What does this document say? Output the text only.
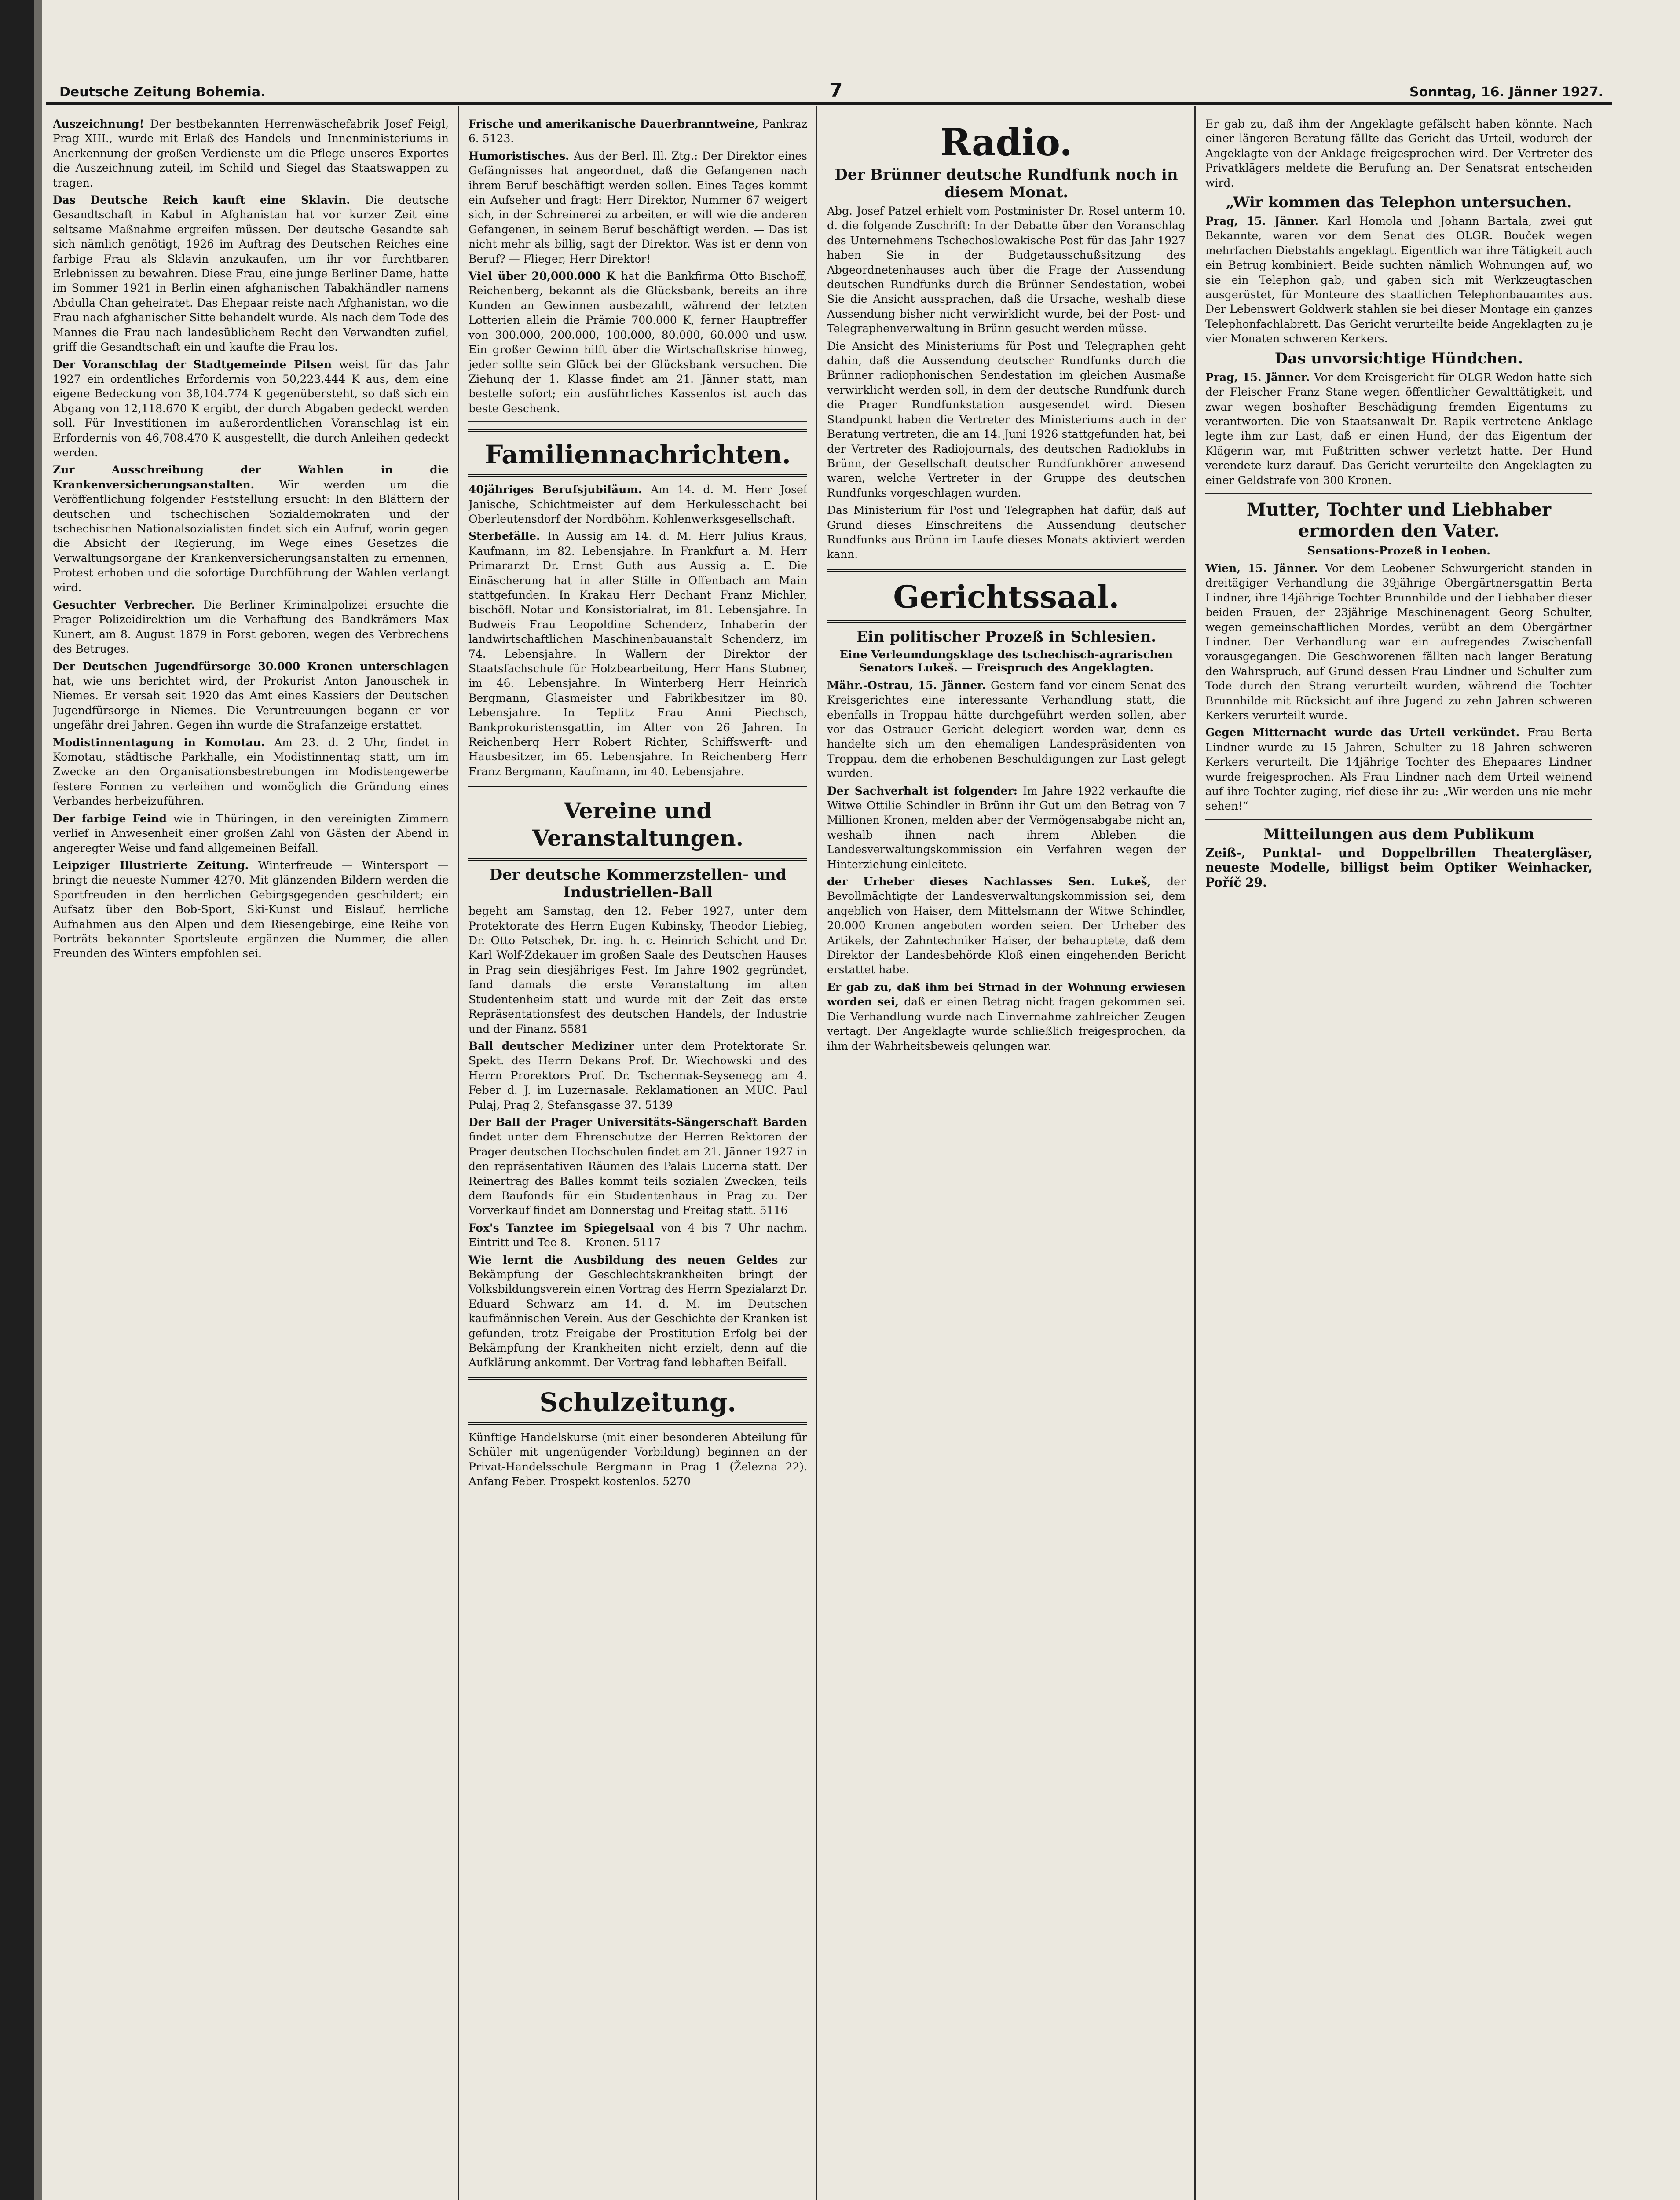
Deutsche Zeitung Bohemia.	7	Sonntag, 16. Jänner 1927.

Auszeichnung! Der bestbekannten Herrenwäschefabrik Josef Feigl, Prag XIII., wurde mit Erlaß des Handels- und Innenministeriums in Anerkennung der großen Verdienste um die Pflege unseres Exportes die Auszeichnung zuteil, im Schild und Siegel das Staatswappen zu tragen.

Das Deutsche Reich kauft eine Sklavin. Die deutsche Gesandtschaft in Kabul in Afghanistan hat vor kurzer Zeit eine seltsame Maßnahme ergreifen müssen. Der deutsche Gesandte sah sich nämlich genötigt, 1926 im Auftrag des Deutschen Reiches eine farbige Frau als Sklavin anzukaufen, um ihr vor furchtbaren Erlebnissen zu bewahren. Diese Frau, eine junge Berliner Dame, hatte im Sommer 1921 in Berlin einen afghanischen Tabakhändler namens Abdulla Chan geheiratet. Das Ehepaar reiste nach Afghanistan, wo die Frau nach afghanischer Sitte behandelt wurde. Als nach dem Tode des Mannes die Frau nach landesüblichem Recht den Verwandten zufiel, griff die Gesandtschaft ein und kaufte die Frau los.

Der Voranschlag der Stadtgemeinde Pilsen weist für das Jahr 1927 ein ordentliches Erfordernis von 50,223.444 K aus, dem eine eigene Bedeckung von 38,104.774 K gegenübersteht, so daß sich ein Abgang von 12,118.670 K ergibt, der durch Abgaben gedeckt werden soll. Für Investitionen im außerordentlichen Voranschlag ist ein Erfordernis von 46,708.470 K ausgestellt, die durch Anleihen gedeckt werden.

Zur Ausschreibung der Wahlen in die Krankenversicherungsanstalten. Wir werden um die Veröffentlichung folgender Feststellung ersucht: In den Blättern der deutschen und tschechischen Sozialdemokraten und der tschechischen Nationalsozialisten findet sich ein Aufruf, worin gegen die Absicht der Regierung, im Wege eines Gesetzes die Verwaltungsorgane der Krankenversicherungsanstalten zu ernennen, Protest erhoben und die sofortige Durchführung der Wahlen verlangt wird.

Gesuchter Verbrecher. Die Berliner Kriminalpolizei ersuchte die Prager Polizeidirektion um die Verhaftung des Bandkrämers Max Kunert, am 8. August 1879 in Forst geboren, wegen des Verbrechens des Betruges.

Der Deutschen Jugendfürsorge 30.000 Kronen unterschlagen hat, wie uns berichtet wird, der Prokurist Anton Janouschek in Niemes. Er versah seit 1920 das Amt eines Kassiers der Deutschen Jugendfürsorge in Niemes. Die Veruntreuungen begann er vor ungefähr drei Jahren. Gegen ihn wurde die Strafanzeige erstattet.

Modistinnentagung in Komotau. Am 23. d. 2 Uhr, findet in Komotau, städtische Parkhalle, ein Modistinnentag statt, um im Zwecke an den Organisationsbestrebungen im Modistengewerbe festere Formen zu verleihen und womöglich die Gründung eines Verbandes herbeizuführen.

Der farbige Feind wie in Thüringen, in den vereinigten Zimmern verlief in Anwesenheit einer großen Zahl von Gästen der Abend in angeregter Weise und fand allgemeinen Beifall.

Leipziger Illustrierte Zeitung. Winterfreude — Wintersport — bringt die neueste Nummer 4270. Mit glänzenden Bildern werden die Sportfreuden in den herrlichen Gebirgsgegenden geschildert; ein Aufsatz über den Bob-Sport, Ski-Kunst und Eislauf, herrliche Aufnahmen aus den Alpen und dem Riesengebirge, eine Reihe von Porträts bekannter Sportsleute ergänzen die Nummer, die allen Freunden des Winters empfohlen sei.

Frische und amerikanische Dauerbranntweine, Pankraz 6. 5123.

Humoristisches. Aus der Berl. Ill. Ztg.: Der Direktor eines Gefängnisses hat angeordnet, daß die Gefangenen nach ihrem Beruf beschäftigt werden sollen. Eines Tages kommt ein Aufseher und fragt: Herr Direktor, Nummer 67 weigert sich, in der Schreinerei zu arbeiten, er will wie die anderen Gefangenen, in seinem Beruf beschäftigt werden. — Das ist nicht mehr als billig, sagt der Direktor. Was ist er denn von Beruf? — Flieger, Herr Direktor!

Viel über 20,000.000 K hat die Bankfirma Otto Bischoff, Reichenberg, bekannt als die Glücksbank, bereits an ihre Kunden an Gewinnen ausbezahlt, während der letzten Lotterien allein die Prämie 700.000 K, ferner Hauptreffer von 300.000, 200.000, 100.000, 80.000, 60.000 und usw. Ein großer Gewinn hilft über die Wirtschaftskrise hinweg, jeder sollte sein Glück bei der Glücksbank versuchen. Die Ziehung der 1. Klasse findet am 21. Jänner statt, man bestelle sofort; ein ausführliches Kassenlos ist auch das beste Geschenk.

Familiennachrichten.

40jähriges Berufsjubiläum. Am 14. d. M. Herr Josef Janische, Schichtmeister auf dem Herkulesschacht bei Oberleutensdorf der Nordböhm. Kohlenwerksgesellschaft.

Sterbefälle. In Aussig am 14. d. M. Herr Julius Kraus, Kaufmann, im 82. Lebensjahre. In Frankfurt a. M. Herr Primararzt Dr. Ernst Guth aus Aussig a. E. Die Einäscherung hat in aller Stille in Offenbach am Main stattgefunden. In Krakau Herr Dechant Franz Michler, bischöfl. Notar und Konsistorialrat, im 81. Lebensjahre. In Budweis Frau Leopoldine Schenderz, Inhaberin der landwirtschaftlichen Maschinenbauanstalt Schenderz, im 74. Lebensjahre. In Wallern der Direktor der Staatsfachschule für Holzbearbeitung, Herr Hans Stubner, im 46. Lebensjahre. In Winterberg Herr Heinrich Bergmann, Glasmeister und Fabrikbesitzer im 80. Lebensjahre. In Teplitz Frau Anni Piechsch, Bankprokuristensgattin, im Alter von 26 Jahren. In Reichenberg Herr Robert Richter, Schiffswerft- und Hausbesitzer, im 65. Lebensjahre. In Reichenberg Herr Franz Bergmann, Kaufmann, im 40. Lebensjahre.

Vereine und Veranstaltungen.
Der deutsche Kommerzstellen- und Industriellen-Ball

begeht am Samstag, den 12. Feber 1927, unter dem Protektorate des Herrn Eugen Kubinsky, Theodor Liebieg, Dr. Otto Petschek, Dr. ing. h. c. Heinrich Schicht und Dr. Karl Wolf-Zdekauer im großen Saale des Deutschen Hauses in Prag sein diesjähriges Fest. Im Jahre 1902 gegründet, fand damals die erste Veranstaltung im alten Studentenheim statt und wurde mit der Zeit das erste Repräsentationsfest des deutschen Handels, der Industrie und der Finanz. 5581

Ball deutscher Mediziner unter dem Protektorate Sr. Spekt. des Herrn Dekans Prof. Dr. Wiechowski und des Herrn Prorektors Prof. Dr. Tschermak-Seysenegg am 4. Feber d. J. im Luzernasale. Reklamationen an MUC. Paul Pulaj, Prag 2, Stefansgasse 37. 5139

Der Ball der Prager Universitäts-Sängerschaft Barden findet unter dem Ehrenschutze der Herren Rektoren der Prager deutschen Hochschulen findet am 21. Jänner 1927 in den repräsentativen Räumen des Palais Lucerna statt. Der Reinertrag des Balles kommt teils sozialen Zwecken, teils dem Baufonds für ein Studentenhaus in Prag zu. Der Vorverkauf findet am Donnerstag und Freitag statt. 5116

Fox's Tanztee im Spiegelsaal von 4 bis 7 Uhr nachm. Eintritt und Tee 8.— Kronen. 5117

Wie lernt die Ausbildung des neuen Geldes zur Bekämpfung der Geschlechtskrankheiten bringt der Volksbildungsverein einen Vortrag des Herrn Spezialarzt Dr. Eduard Schwarz am 14. d. M. im Deutschen kaufmännischen Verein. Aus der Geschichte der Kranken ist gefunden, trotz Freigabe der Prostitution Erfolg bei der Bekämpfung der Krankheiten nicht erzielt, denn auf die Aufklärung ankommt. Der Vortrag fand lebhaften Beifall.

Schulzeitung.

Künftige Handelskurse (mit einer besonderen Abteilung für Schüler mit ungenügender Vorbildung) beginnen an der Privat-Handelsschule Bergmann in Prag 1 (Železna 22). Anfang Feber. Prospekt kostenlos. 5270

Radio.
Der Brünner deutsche Rundfunk noch in diesem Monat.

Abg. Josef Patzel erhielt vom Postminister Dr. Rosel unterm 10. d. die folgende Zuschrift: In der Debatte über den Voranschlag des Unternehmens Tschechoslowakische Post für das Jahr 1927 haben Sie in der Budgetausschußsitzung des Abgeordnetenhauses auch über die Frage der Aussendung deutschen Rundfunks durch die Brünner Sendestation, wobei Sie die Ansicht aussprachen, daß die Ursache, weshalb diese Aussendung bisher nicht verwirklicht wurde, bei der Post- und Telegraphenverwaltung in Brünn gesucht werden müsse.

Die Ansicht des Ministeriums für Post und Telegraphen geht dahin, daß die Aussendung deutscher Rundfunks durch die Brünner radiophonischen Sendestation im gleichen Ausmaße verwirklicht werden soll, in dem der deutsche Rundfunk durch die Prager Rundfunkstation ausgesendet wird. Diesen Standpunkt haben die Vertreter des Ministeriums auch in der Beratung vertreten, die am 14. Juni 1926 stattgefunden hat, bei der Vertreter des Radiojournals, des deutschen Radioklubs in Brünn, der Gesellschaft deutscher Rundfunkhörer anwesend waren, welche Vertreter in der Gruppe des deutschen Rundfunks vorgeschlagen wurden.

Das Ministerium für Post und Telegraphen hat dafür, daß auf Grund dieses Einschreitens die Aussendung deutscher Rundfunks aus Brünn im Laufe dieses Monats aktiviert werden kann.

Gerichtssaal.
Ein politischer Prozeß in Schlesien.
Eine Verleumdungsklage des tschechisch-agrarischen Senators Lukeš. — Freispruch des Angeklagten.

Mähr.-Ostrau, 15. Jänner. Gestern fand vor einem Senat des Kreisgerichtes eine interessante Verhandlung statt, die ebenfalls in Troppau hätte durchgeführt werden sollen, aber vor das Ostrauer Gericht delegiert worden war, denn es handelte sich um den ehemaligen Landespräsidenten von Troppau, dem die erhobenen Beschuldigungen zur Last gelegt wurden.

Der Sachverhalt ist folgender: Im Jahre 1922 verkaufte die Witwe Ottilie Schindler in Brünn ihr Gut um den Betrag von 7 Millionen Kronen, melden aber der Vermögensabgabe nicht an, weshalb ihnen nach ihrem Ableben die Landesverwaltungskommission ein Verfahren wegen der Hinterziehung einleitete.

der Urheber dieses Nachlasses Sen. Lukeš, der Bevollmächtigte der Landesverwaltungskommission sei, dem angeblich von Haiser, dem Mittelsmann der Witwe Schindler, 20.000 Kronen angeboten worden seien. Der Urheber des Artikels, der Zahntechniker Haiser, der behauptete, daß dem Direktor der Landesbehörde Kloß einen eingehenden Bericht erstattet habe.

Er gab zu, daß ihm bei Strnad in der Wohnung erwiesen worden sei, daß er einen Betrag nicht fragen gekommen sei. Die Verhandlung wurde nach Einvernahme zahlreicher Zeugen vertagt. Der Angeklagte wurde schließlich freigesprochen, da ihm der Wahrheitsbeweis gelungen war.

Er gab zu, daß ihm der Angeklagte gefälscht haben könnte. Nach einer längeren Beratung fällte das Gericht das Urteil, wodurch der Angeklagte von der Anklage freigesprochen wird. Der Vertreter des Privatklägers meldete die Berufung an. Der Senatsrat entscheiden wird.

„Wir kommen das Telephon untersuchen.

Prag, 15. Jänner. Karl Homola und Johann Bartala, zwei gut Bekannte, waren vor dem Senat des OLGR. Bouček wegen mehrfachen Diebstahls angeklagt. Eigentlich war ihre Tätigkeit auch ein Betrug kombiniert. Beide suchten nämlich Wohnungen auf, wo sie ein Telephon gab, und gaben sich mit Werkzeugtaschen ausgerüstet, für Monteure des staatlichen Telephonbauamtes aus. Der Lebenswert Goldwerk stahlen sie bei dieser Montage ein ganzes Telephonfachlabrett. Das Gericht verurteilte beide Angeklagten zu je vier Monaten schweren Kerkers.

Das unvorsichtige Hündchen.

Prag, 15. Jänner. Vor dem Kreisgericht für OLGR Wedon hatte sich der Fleischer Franz Stane wegen öffentlicher Gewalttätigkeit, und zwar wegen boshafter Beschädigung fremden Eigentums zu verantworten. Die von Staatsanwalt Dr. Rapik vertretene Anklage legte ihm zur Last, daß er einen Hund, der das Eigentum der Klägerin war, mit Fußtritten schwer verletzt hatte. Der Hund verendete kurz darauf. Das Gericht verurteilte den Angeklagten zu einer Geldstrafe von 300 Kronen.

Mutter, Tochter und Liebhaber ermorden den Vater.
Sensations-Prozeß in Leoben.

Wien, 15. Jänner. Vor dem Leobener Schwurgericht standen in dreitägiger Verhandlung die 39jährige Obergärtnersgattin Berta Lindner, ihre 14jährige Tochter Brunnhilde und der Liebhaber dieser beiden Frauen, der 23jährige Maschinenagent Georg Schulter, wegen gemeinschaftlichen Mordes, verübt an dem Obergärtner Lindner. Der Verhandlung war ein aufregendes Zwischenfall vorausgegangen. Die Geschworenen fällten nach langer Beratung den Wahrspruch, auf Grund dessen Frau Lindner und Schulter zum Tode durch den Strang verurteilt wurden, während die Tochter Brunnhilde mit Rücksicht auf ihre Jugend zu zehn Jahren schweren Kerkers verurteilt wurde.

Gegen Mitternacht wurde das Urteil verkündet. Frau Berta Lindner wurde zu 15 Jahren, Schulter zu 18 Jahren schweren Kerkers verurteilt. Die 14jährige Tochter des Ehepaares Lindner wurde freigesprochen. Als Frau Lindner nach dem Urteil weinend auf ihre Tochter zuging, rief diese ihr zu: „Wir werden uns nie mehr sehen!“

Mitteilungen aus dem Publikum

Zeiß-, Punktal- und Doppelbrillen Theatergläser, neueste Modelle, billigst beim Optiker Weinhacker, Poříč 29.
